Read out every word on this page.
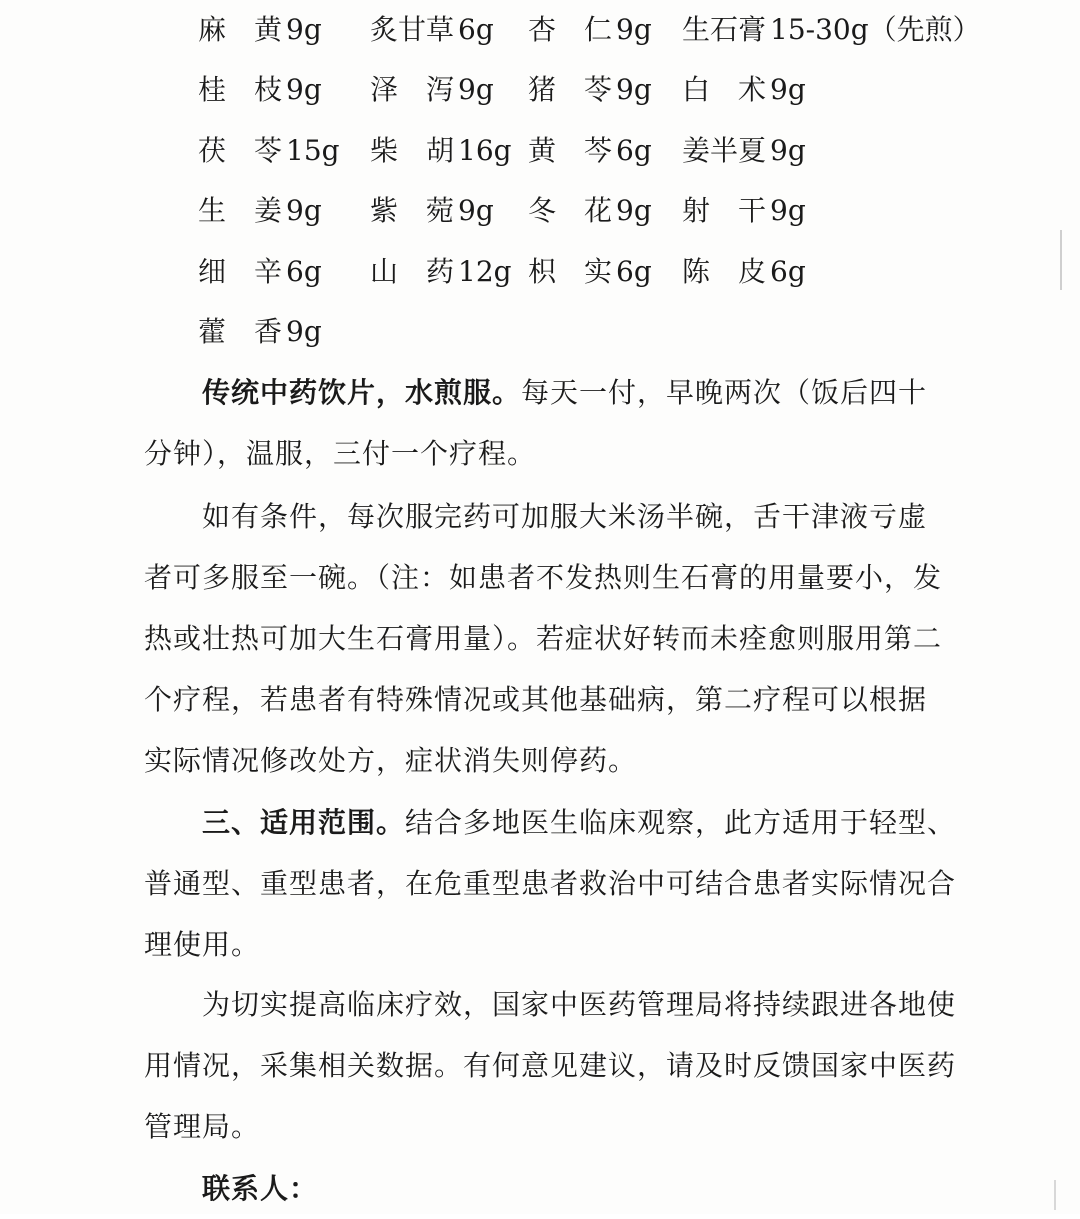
麻　黄 9g 炙甘草 6g 杏　仁 9g 生石膏 15-30g（先煎）
桂　枝 9g 泽　泻 9g 猪　苓 9g 白　术 9g
茯　苓 15g 柴　胡 16g 黄　芩 6g 姜半夏 9g
生　姜 9g 紫　菀 9g 冬　花 9g 射　干 9g
细　辛 6g 山　药 12g 枳　实 6g 陈　皮 6g
藿　香 9g
传统中药饮片，水煎服。每天一付，早晚两次（饭后四十
分钟），温服，三付一个疗程。
如有条件，每次服完药可加服大米汤半碗，舌干津液亏虚
者可多服至一碗。（注：如患者不发热则生石膏的用量要小，发
热或壮热可加大生石膏用量）。若症状好转而未痊愈则服用第二
个疗程，若患者有特殊情况或其他基础病，第二疗程可以根据
实际情况修改处方，症状消失则停药。
三、适用范围。结合多地医生临床观察，此方适用于轻型、
普通型、重型患者，在危重型患者救治中可结合患者实际情况合
理使用。
为切实提高临床疗效，国家中医药管理局将持续跟进各地使
用情况，采集相关数据。有何意见建议，请及时反馈国家中医药
管理局。
联系人：
